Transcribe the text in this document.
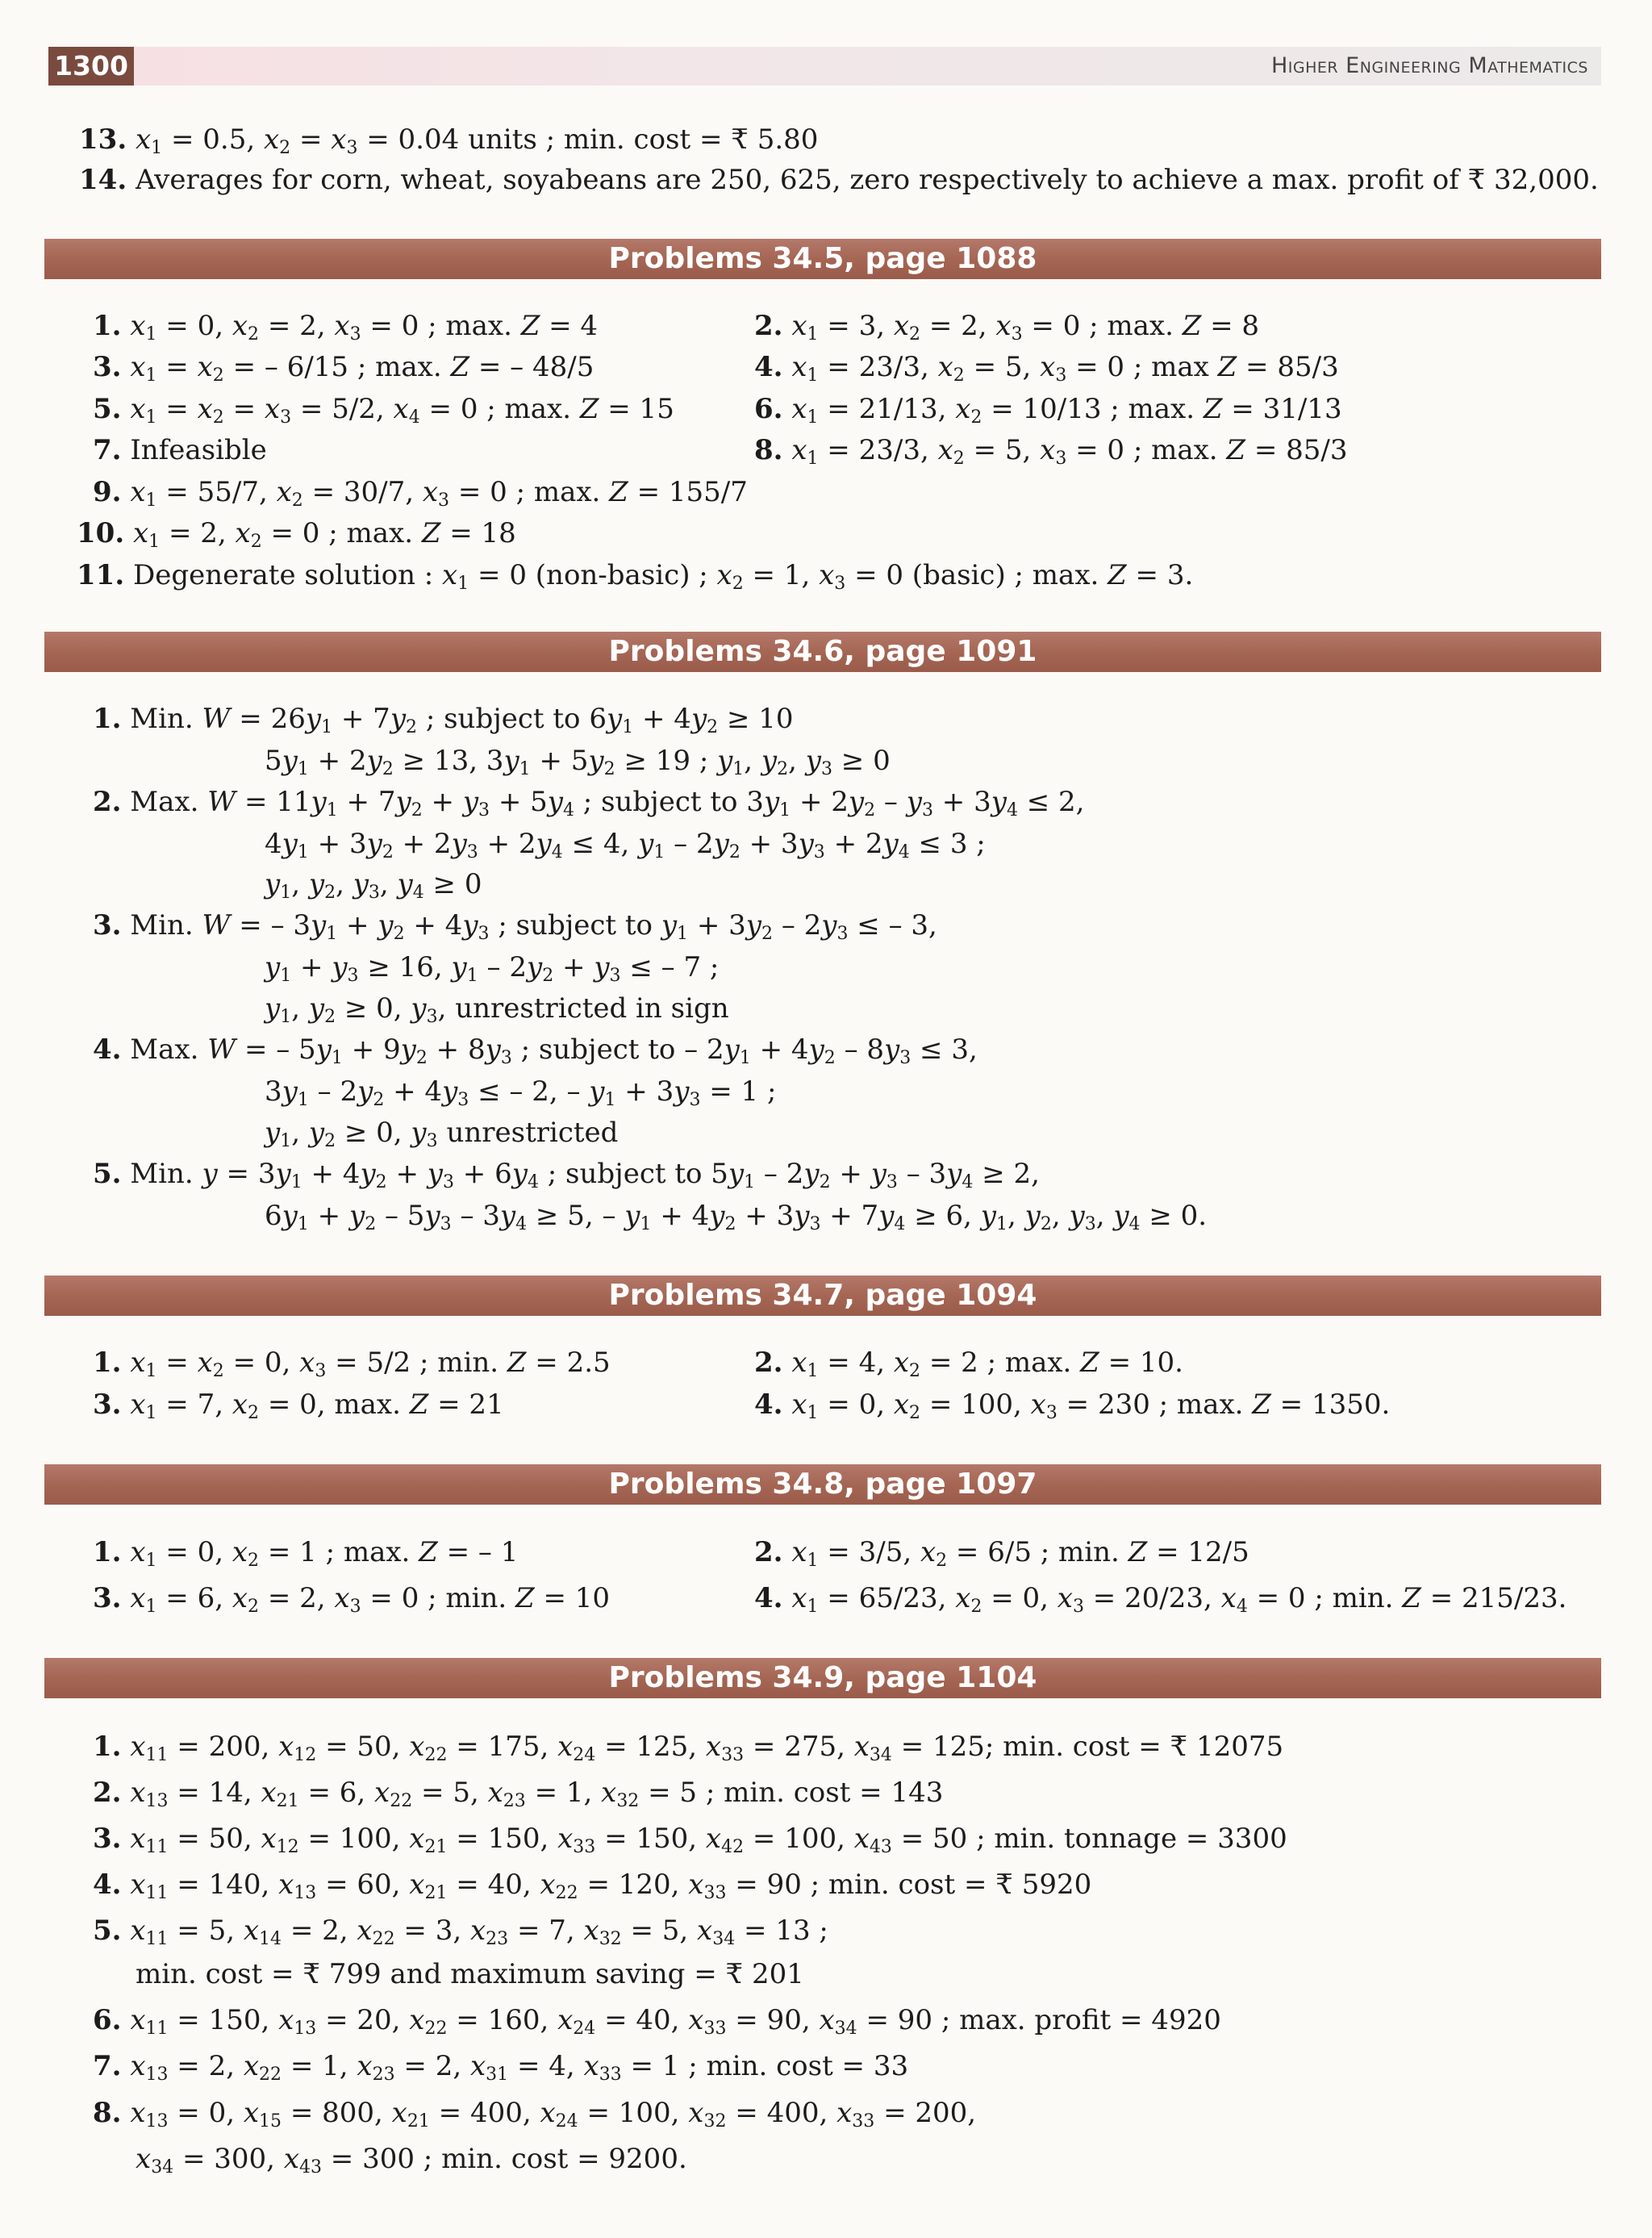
1300	Higher Engineering Mathematics
13. $x_1 = 0.5$, $x_2 = x_3 = 0.04$ units ; min. cost = ₹ 5.80
14. Averages for corn, wheat, soyabeans are 250, 625, zero respectively to achieve a max. profit of ₹ 32,000.
Problems 34.5, page 1088
1. $x_1 = 0$, $x_2 = 2$, $x_3 = 0$ ; max. Z = 4	2. $x_1 = 3$, $x_2 = 2$, $x_3 = 0$ ; max. Z = 8
3. $x_1 = x_2$ = – 6/15 ; max. Z = – 48/5	4. $x_1 = 23/3$, $x_2 = 5$, $x_3 = 0$ ; max Z = 85/3
5. $x_1 = x_2 = x_3 = 5/2$, $x_4 = 0$ ; max. Z = 15	6. $x_1 = 21/13$, $x_2 = 10/13$ ; max. Z = 31/13
7. Infeasible	8. $x_1 = 23/3$, $x_2 = 5$, $x_3 = 0$ ; max. Z = 85/3
9. $x_1 = 55/7$, $x_2 = 30/7$, $x_3 = 0$ ; max. Z = 155/7
10. $x_1 = 2$, $x_2 = 0$ ; max. Z = 18
11. Degenerate solution : $x_1 = 0$ (non-basic) ; $x_2 = 1$, $x_3 = 0$ (basic) ; max. Z = 3.
Problems 34.6, page 1091
1. Min. $W = 26y_1 + 7y_2$ ; subject to $6y_1 + 4y_2 \ge 10$
$5y_1 + 2y_2 \ge 13$, $3y_1 + 5y_2 \ge 19$ ; $y_1$, $y_2$, $y_3 \ge 0$
2. Max. $W = 11y_1 + 7y_2 + y_3 + 5y_4$ ; subject to $3y_1 + 2y_2 - y_3 + 3y_4 \le 2$,
$4y_1 + 3y_2 + 2y_3 + 2y_4 \le 4$, $y_1 - 2y_2 + 3y_3 + 2y_4 \le 3$ ;
$y_1$, $y_2$, $y_3$, $y_4 \ge 0$
3. Min. W = – $3y_1 + y_2 + 4y_3$ ; subject to $y_1 + 3y_2 - 2y_3$ ≤ – 3,
$y_1 + y_3 \ge 16$, $y_1 - 2y_2 + y_3$ ≤ – 7 ;
$y_1$, $y_2 \ge 0$, $y_3$, unrestricted in sign
4. Max. W = – $5y_1 + 9y_2 + 8y_3$ ; subject to – $2y_1 + 4y_2 - 8y_3 \le 3$,
$3y_1 - 2y_2 + 4y_3$ ≤ – 2, – $y_1 + 3y_3 = 1$ ;
$y_1$, $y_2 \ge 0$, $y_3$ unrestricted
5. Min. $y = 3y_1 + 4y_2 + y_3 + 6y_4$ ; subject to $5y_1 - 2y_2 + y_3 - 3y_4 \ge 2$,
$6y_1 + y_2 - 5y_3 - 3y_4 \ge 5$, – $y_1 + 4y_2 + 3y_3 + 7y_4 \ge 6$, $y_1$, $y_2$, $y_3$, $y_4 \ge 0$.
Problems 34.7, page 1094
1. $x_1 = x_2 = 0$, $x_3 = 5/2$ ; min. Z = 2.5	2. $x_1 = 4$, $x_2 = 2$ ; max. Z = 10.
3. $x_1 = 7$, $x_2 = 0$, max. Z = 21	4. $x_1 = 0$, $x_2 = 100$, $x_3 = 230$ ; max. Z = 1350.
Problems 34.8, page 1097
1. $x_1 = 0$, $x_2 = 1$ ; max. Z = – 1	2. $x_1 = 3/5$, $x_2 = 6/5$ ; min. Z = 12/5
3. $x_1 = 6$, $x_2 = 2$, $x_3 = 0$ ; min. Z = 10	4. $x_1 = 65/23$, $x_2 = 0$, $x_3 = 20/23$, $x_4 = 0$ ; min. Z = 215/23.
Problems 34.9, page 1104
1. $x_{11} = 200$, $x_{12} = 50$, $x_{22} = 175$, $x_{24} = 125$, $x_{33} = 275$, $x_{34} = 125$; min. cost = ₹ 12075
2. $x_{13} = 14$, $x_{21} = 6$, $x_{22} = 5$, $x_{23} = 1$, $x_{32} = 5$ ; min. cost = 143
3. $x_{11} = 50$, $x_{12} = 100$, $x_{21} = 150$, $x_{33} = 150$, $x_{42} = 100$, $x_{43} = 50$ ; min. tonnage = 3300
4. $x_{11} = 140$, $x_{13} = 60$, $x_{21} = 40$, $x_{22} = 120$, $x_{33} = 90$ ; min. cost = ₹ 5920
5. $x_{11} = 5$, $x_{14} = 2$, $x_{22} = 3$, $x_{23} = 7$, $x_{32} = 5$, $x_{34} = 13$ ;
min. cost = ₹ 799 and maximum saving = ₹ 201
6. $x_{11} = 150$, $x_{13} = 20$, $x_{22} = 160$, $x_{24} = 40$, $x_{33} = 90$, $x_{34} = 90$ ; max. profit = 4920
7. $x_{13} = 2$, $x_{22} = 1$, $x_{23} = 2$, $x_{31} = 4$, $x_{33} = 1$ ; min. cost = 33
8. $x_{13} = 0$, $x_{15} = 800$, $x_{21} = 400$, $x_{24} = 100$, $x_{32} = 400$, $x_{33} = 200$,
$x_{34} = 300$, $x_{43} = 300$ ; min. cost = 9200.
